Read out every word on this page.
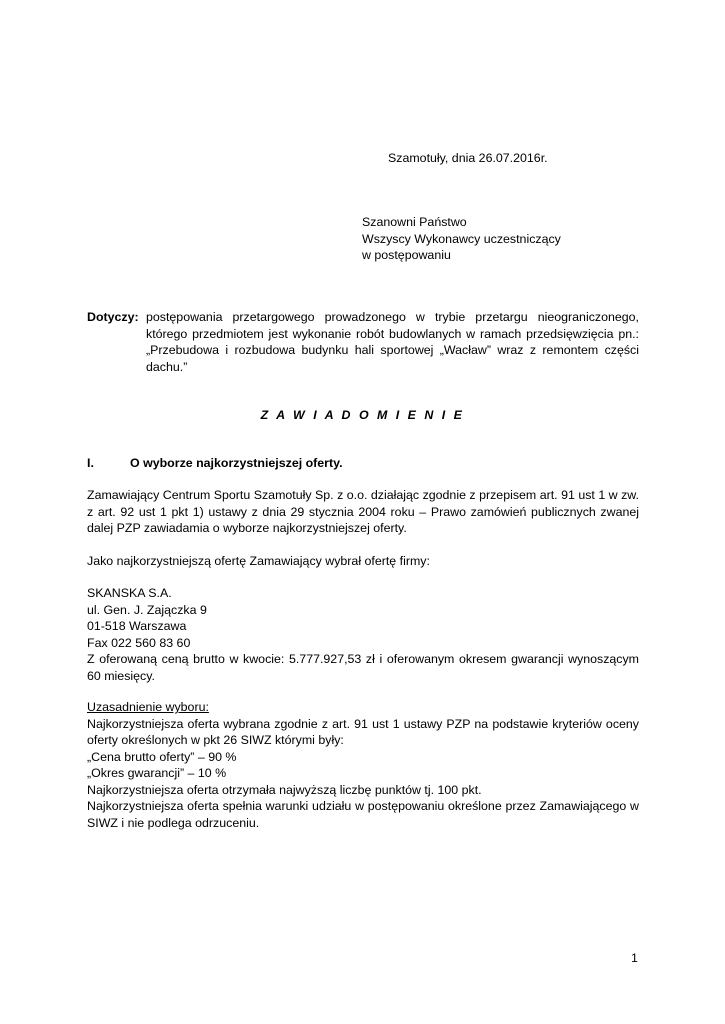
Szamotuły, dnia 26.07.2016r.
Szanowni Państwo
Wszyscy Wykonawcy uczestniczący
w postępowaniu
Dotyczy: postępowania przetargowego prowadzonego w trybie przetargu nieograniczonego, którego przedmiotem jest wykonanie robót budowlanych w ramach przedsięwzięcia pn.: „Przebudowa i rozbudowa budynku hali sportowej „Wacław” wraz z remontem części dachu.”
Z A W I A D O M I E N I E
I.	O wyborze najkorzystniejszej oferty.
Zamawiający Centrum Sportu Szamotuły Sp. z o.o. działając zgodnie z przepisem art. 91 ust 1 w zw. z art. 92 ust 1 pkt 1) ustawy z dnia 29 stycznia 2004 roku – Prawo zamówień publicznych zwanej dalej PZP zawiadamia o wyborze najkorzystniejszej oferty.
Jako najkorzystniejszą ofertę Zamawiający wybrał ofertę firmy:
SKANSKA S.A.
ul. Gen. J. Zajączka 9
01-518 Warszawa
Fax 022 560 83 60
Z oferowaną ceną brutto w kwocie: 5.777.927,53 zł i oferowanym okresem gwarancji wynoszącym 60 miesięcy.
Uzasadnienie wyboru:
Najkorzystniejsza oferta wybrana zgodnie z art. 91 ust 1 ustawy PZP na podstawie kryteriów oceny oferty określonych w pkt 26 SIWZ którymi były:
„Cena brutto oferty” – 90 %
„Okres gwarancji” – 10 %
Najkorzystniejsza oferta otrzymała najwyższą liczbę punktów tj. 100 pkt.
Najkorzystniejsza oferta spełnia warunki udziału w postępowaniu określone przez Zamawiającego w SIWZ i nie podlega odrzuceniu.
1
